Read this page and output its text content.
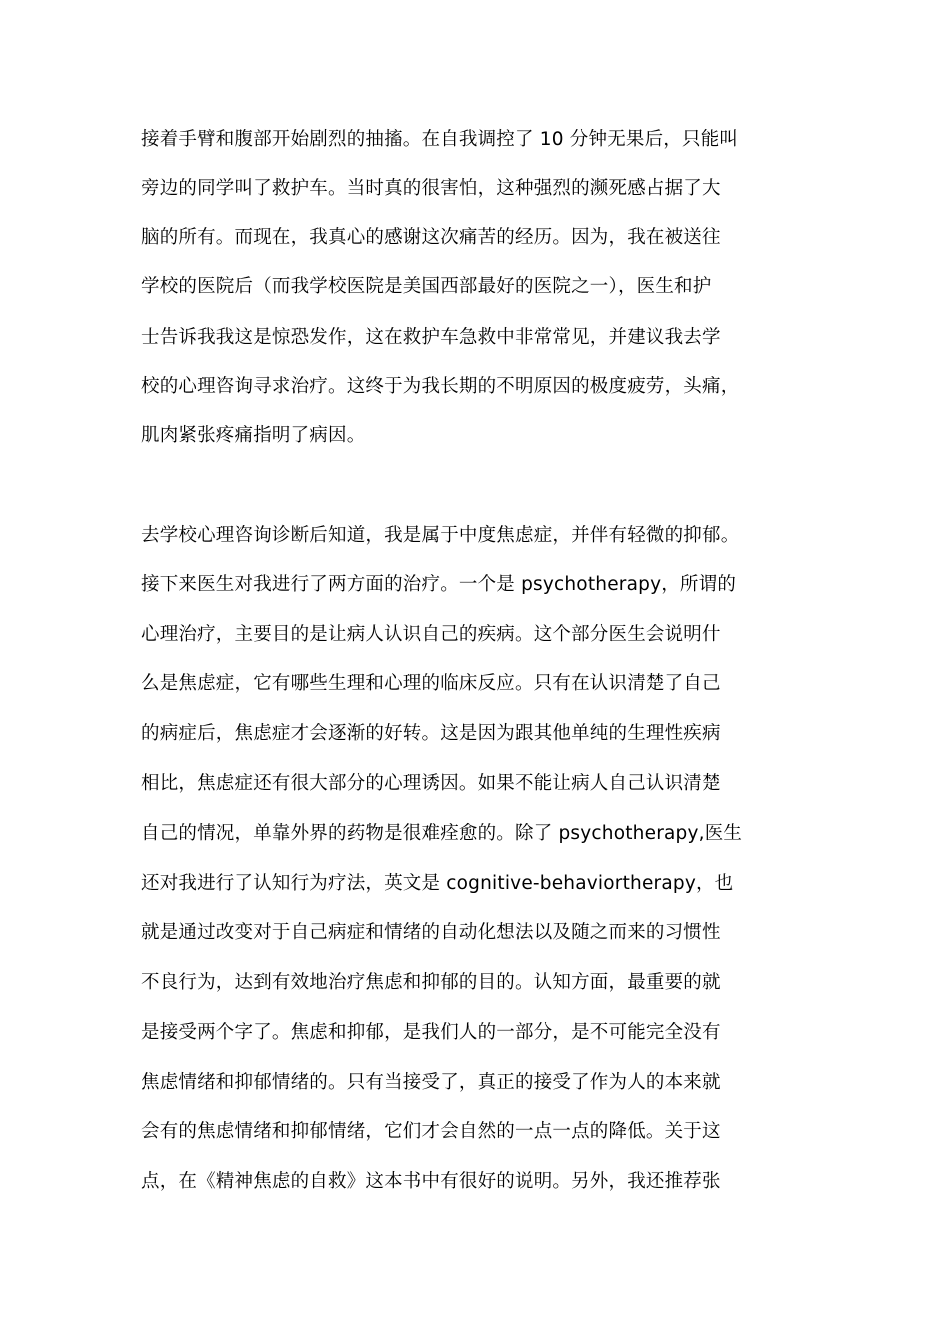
接着手臂和腹部开始剧烈的抽搐。在自我调控了 10 分钟无果后，只能叫
旁边的同学叫了救护车。当时真的很害怕，这种强烈的濒死感占据了大
脑的所有。而现在，我真心的感谢这次痛苦的经历。因为，我在被送往
学校的医院后（而我学校医院是美国西部最好的医院之一），医生和护
士告诉我我这是惊恐发作，这在救护车急救中非常常见，并建议我去学
校的心理咨询寻求治疗。这终于为我长期的不明原因的极度疲劳，头痛，
肌肉紧张疼痛指明了病因。
去学校心理咨询诊断后知道，我是属于中度焦虑症，并伴有轻微的抑郁。
接下来医生对我进行了两方面的治疗。一个是 psychotherapy，所谓的
心理治疗，主要目的是让病人认识自己的疾病。这个部分医生会说明什
么是焦虑症，它有哪些生理和心理的临床反应。只有在认识清楚了自己
的病症后，焦虑症才会逐渐的好转。这是因为跟其他单纯的生理性疾病
相比，焦虑症还有很大部分的心理诱因。如果不能让病人自己认识清楚
自己的情况，单靠外界的药物是很难痊愈的。除了 psychotherapy,医生
还对我进行了认知行为疗法，英文是 cognitive-behaviortherapy，也
就是通过改变对于自己病症和情绪的自动化想法以及随之而来的习惯性
不良行为，达到有效地治疗焦虑和抑郁的目的。认知方面，最重要的就
是接受两个字了。焦虑和抑郁，是我们人的一部分，是不可能完全没有
焦虑情绪和抑郁情绪的。只有当接受了，真正的接受了作为人的本来就
会有的焦虑情绪和抑郁情绪，它们才会自然的一点一点的降低。关于这
点，在《精神焦虑的自救》这本书中有很好的说明。另外，我还推荐张
